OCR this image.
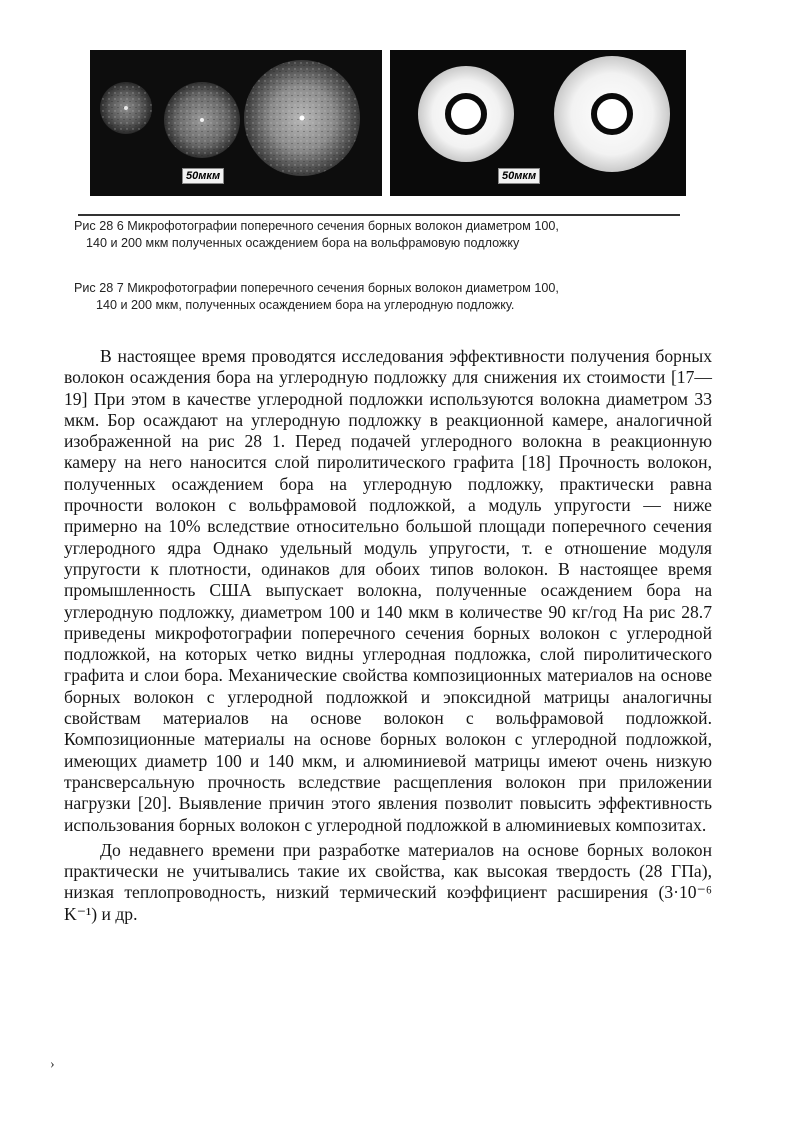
50мкм	50мкм

Рис 28 6 Микрофотографии поперечного сечения борных волокон диаметром 100,

140 и 200 мкм полученных осаждением бора на вольфрамовую подложку

Рис 28 7 Микрофотографии поперечного сечения борных волокон диаметром 100,

140 и 200 мкм, полученных осаждением бора на углеродную подложку.

В настоящее время проводятся исследования эффективности получения борных волокон осаждения бора на углеродную подложку для снижения их стоимости [17—19] При этом в качестве углеродной подложки используются волокна диаметром 33 мкм. Бор осаждают на углеродную подложку в реакционной камере, аналогичной изображенной на рис 28 1. Перед подачей углеродного волокна в реакционную камеру на него наносится слой пиролитического графита [18] Прочность волокон, полученных осаждением бора на углеродную подложку, практически равна прочности волокон с вольфрамовой подложкой, а модуль упругости — ниже примерно на 10% вследствие относительно большой площади поперечного сечения углеродного ядра Однако удельный модуль упругости, т. е отношение модуля упругости к плотности, одинаков для обоих типов волокон. В настоящее время промышленность США выпускает волокна, полученные осаждением бора на углеродную подложку, диаметром 100 и 140 мкм в количестве 90 кг/год На рис 28.7 приведены микрофотографии поперечного сечения борных волокон с углеродной подложкой, на которых четко видны углеродная подложка, слой пиролитического графита и слои бора. Механические свойства композиционных материалов на основе борных волокон с углеродной подложкой и эпоксидной матрицы аналогичны свойствам материалов на основе волокон с вольфрамовой подложкой. Композиционные материалы на основе борных волокон с углеродной подложкой, имеющих диаметр 100 и 140 мкм, и алюминиевой матрицы имеют очень низкую трансверсальную прочность вследствие расщепления волокон при приложении нагрузки [20]. Выявление причин этого явления позволит повысить эффективность использования борных волокон с углеродной подложкой в алюминиевых композитах.

До недавнего времени при разработке материалов на основе борных волокон практически не учитывались такие их свойства, как высокая твердость (28 ГПа), низкая теплопроводность, низкий термический коэффициент расширения (3·10⁻⁶ K⁻¹) и др.

›
